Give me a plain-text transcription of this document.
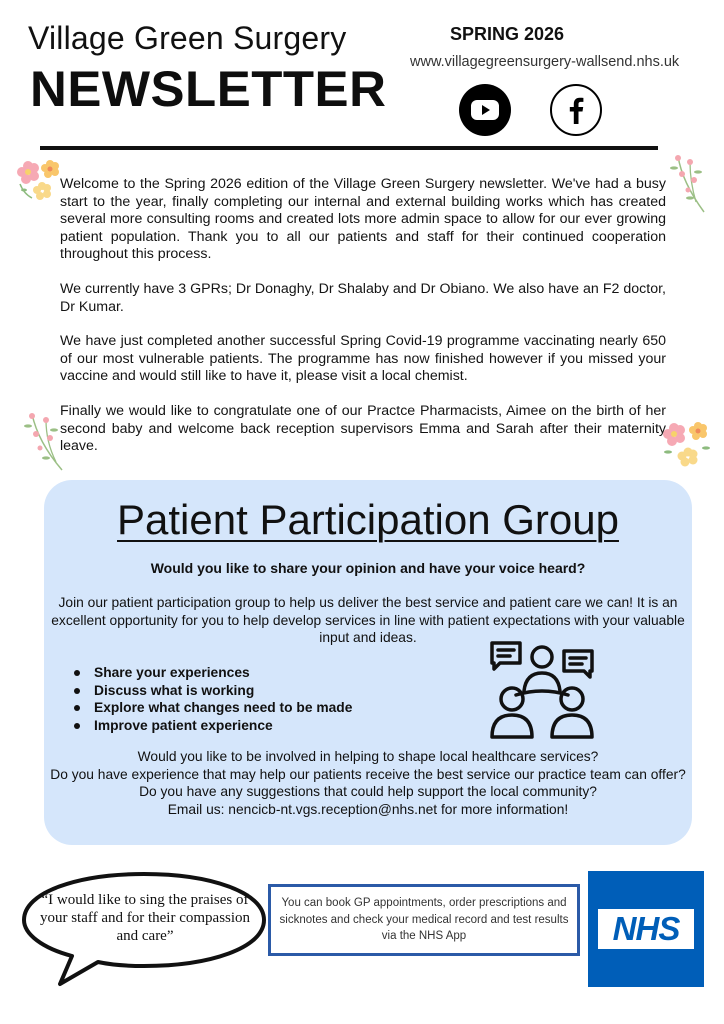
Village Green Surgery
NEWSLETTER
SPRING 2026
www.villagegreensurgery-wallsend.nhs.uk

Welcome to the Spring 2026 edition of the Village Green Surgery newsletter. We've had a busy start to the year, finally completing our internal and external building works which has created several more consulting rooms and created lots more admin space to allow for our ever growing patient population. Thank you to all our patients and staff for their continued cooperation throughout this process.

We currently have 3 GPRs; Dr Donaghy, Dr Shalaby and Dr Obiano. We also have an F2 doctor, Dr Kumar.

We have just completed another successful Spring Covid-19 programme vaccinating nearly 650 of our most vulnerable patients. The programme has now finished however if you missed your vaccine and would still like to have it, please visit a local chemist.

Finally we would like to congratulate one of our Practce Pharmacists, Aimee on the birth of her second baby and welcome back reception supervisors Emma and Sarah after their maternity leave.

Patient Participation Group
Would you like to share your opinion and have your voice heard?
Join our patient participation group to help us deliver the best service and patient care we can! It is an excellent opportunity for you to help develop services in line with patient expectations with your valuable input and ideas.
Share your experiences
Discuss what is working
Explore what changes need to be made
Improve patient experience
Would you like to be involved in helping to shape local healthcare services?
Do you have experience that may help our patients receive the best service our practice team can offer? Do you have any suggestions that could help support the local community?
Email us: nencicb-nt.vgs.reception@nhs.net for more information!
“I would like to sing the praises of your staff and for their compassion and care”
You can book GP appointments, order prescriptions and sicknotes and check your medical record and test results via the NHS App	NHS
